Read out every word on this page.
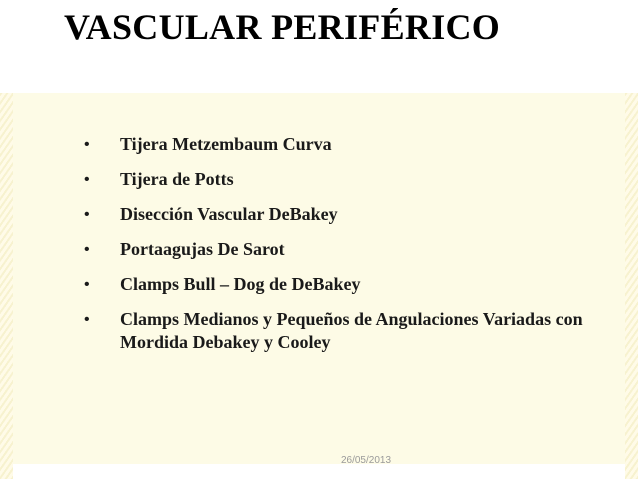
VASCULAR PERIFÉRICO
• Tijera Metzembaum Curva
• Tijera de Potts
• Disección Vascular DeBakey
• Portaagujas De Sarot
• Clamps Bull – Dog de DeBakey
• Clamps Medianos y Pequeños de Angulaciones Variadas con Mordida Debakey y Cooley
26/05/2013
